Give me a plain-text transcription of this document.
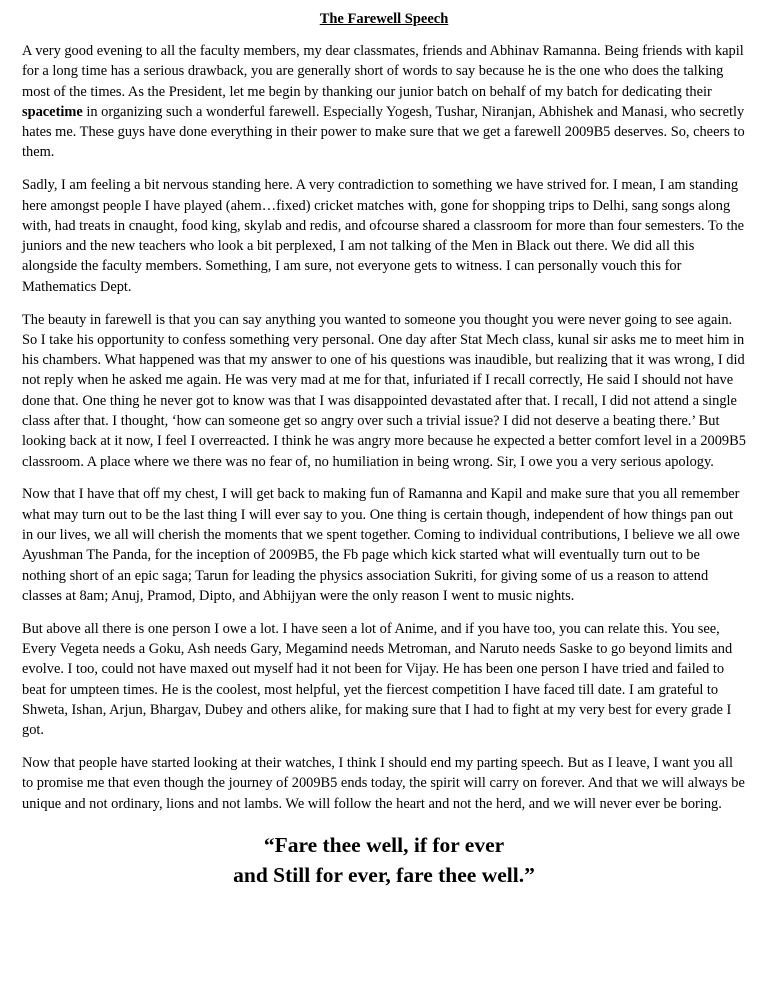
The Farewell Speech

A very good evening to all the faculty members, my dear classmates, friends and Abhinav Ramanna. Being friends with kapil for a long time has a serious drawback, you are generally short of words to say because he is the one who does the talking most of the times. As the President, let me begin by thanking our junior batch on behalf of my batch for dedicating their spacetime in organizing such a wonderful farewell. Especially Yogesh, Tushar, Niranjan, Abhishek and Manasi, who secretly hates me. These guys have done everything in their power to make sure that we get a farewell 2009B5 deserves. So, cheers to them.

Sadly, I am feeling a bit nervous standing here. A very contradiction to something we have strived for. I mean, I am standing here amongst people I have played (ahem…fixed) cricket matches with, gone for shopping trips to Delhi, sang songs along with, had treats in cnaught, food king, skylab and redis, and ofcourse shared a classroom for more than four semesters. To the juniors and the new teachers who look a bit perplexed, I am not talking of the Men in Black out there. We did all this alongside the faculty members. Something, I am sure, not everyone gets to witness. I can personally vouch this for Mathematics Dept.

The beauty in farewell is that you can say anything you wanted to someone you thought you were never going to see again. So I take his opportunity to confess something very personal. One day after Stat Mech class, kunal sir asks me to meet him in his chambers. What happened was that my answer to one of his questions was inaudible, but realizing that it was wrong, I did not reply when he asked me again. He was very mad at me for that, infuriated if I recall correctly, He said I should not have done that. One thing he never got to know was that I was disappointed devastated after that. I recall, I did not attend a single class after that. I thought, ‘how can someone get so angry over such a trivial issue? I did not deserve a beating there.’ But looking back at it now, I feel I overreacted. I think he was angry more because he expected a better comfort level in a 2009B5 classroom. A place where we there was no fear of, no humiliation in being wrong. Sir, I owe you a very serious apology.

Now that I have that off my chest, I will get back to making fun of Ramanna and Kapil and make sure that you all remember what may turn out to be the last thing I will ever say to you. One thing is certain though, independent of how things pan out in our lives, we all will cherish the moments that we spent together. Coming to individual contributions, I believe we all owe Ayushman The Panda, for the inception of 2009B5, the Fb page which kick started what will eventually turn out to be nothing short of an epic saga; Tarun for leading the physics association Sukriti, for giving some of us a reason to attend classes at 8am; Anuj, Pramod, Dipto, and Abhijyan were the only reason I went to music nights.

But above all there is one person I owe a lot. I have seen a lot of Anime, and if you have too, you can relate this. You see, Every Vegeta needs a Goku, Ash needs Gary, Megamind needs Metroman, and Naruto needs Saske to go beyond limits and evolve. I too, could not have maxed out myself had it not been for Vijay. He has been one person I have tried and failed to beat for umpteen times. He is the coolest, most helpful, yet the fiercest competition I have faced till date. I am grateful to Shweta, Ishan, Arjun, Bhargav, Dubey and others alike, for making sure that I had to fight at my very best for every grade I got.

Now that people have started looking at their watches, I think I should end my parting speech. But as I leave, I want you all to promise me that even though the journey of 2009B5 ends today, the spirit will carry on forever. And that we will always be unique and not ordinary, lions and not lambs. We will follow the heart and not the herd, and we will never ever be boring.

“Fare thee well, if for ever
and Still for ever, fare thee well.”
